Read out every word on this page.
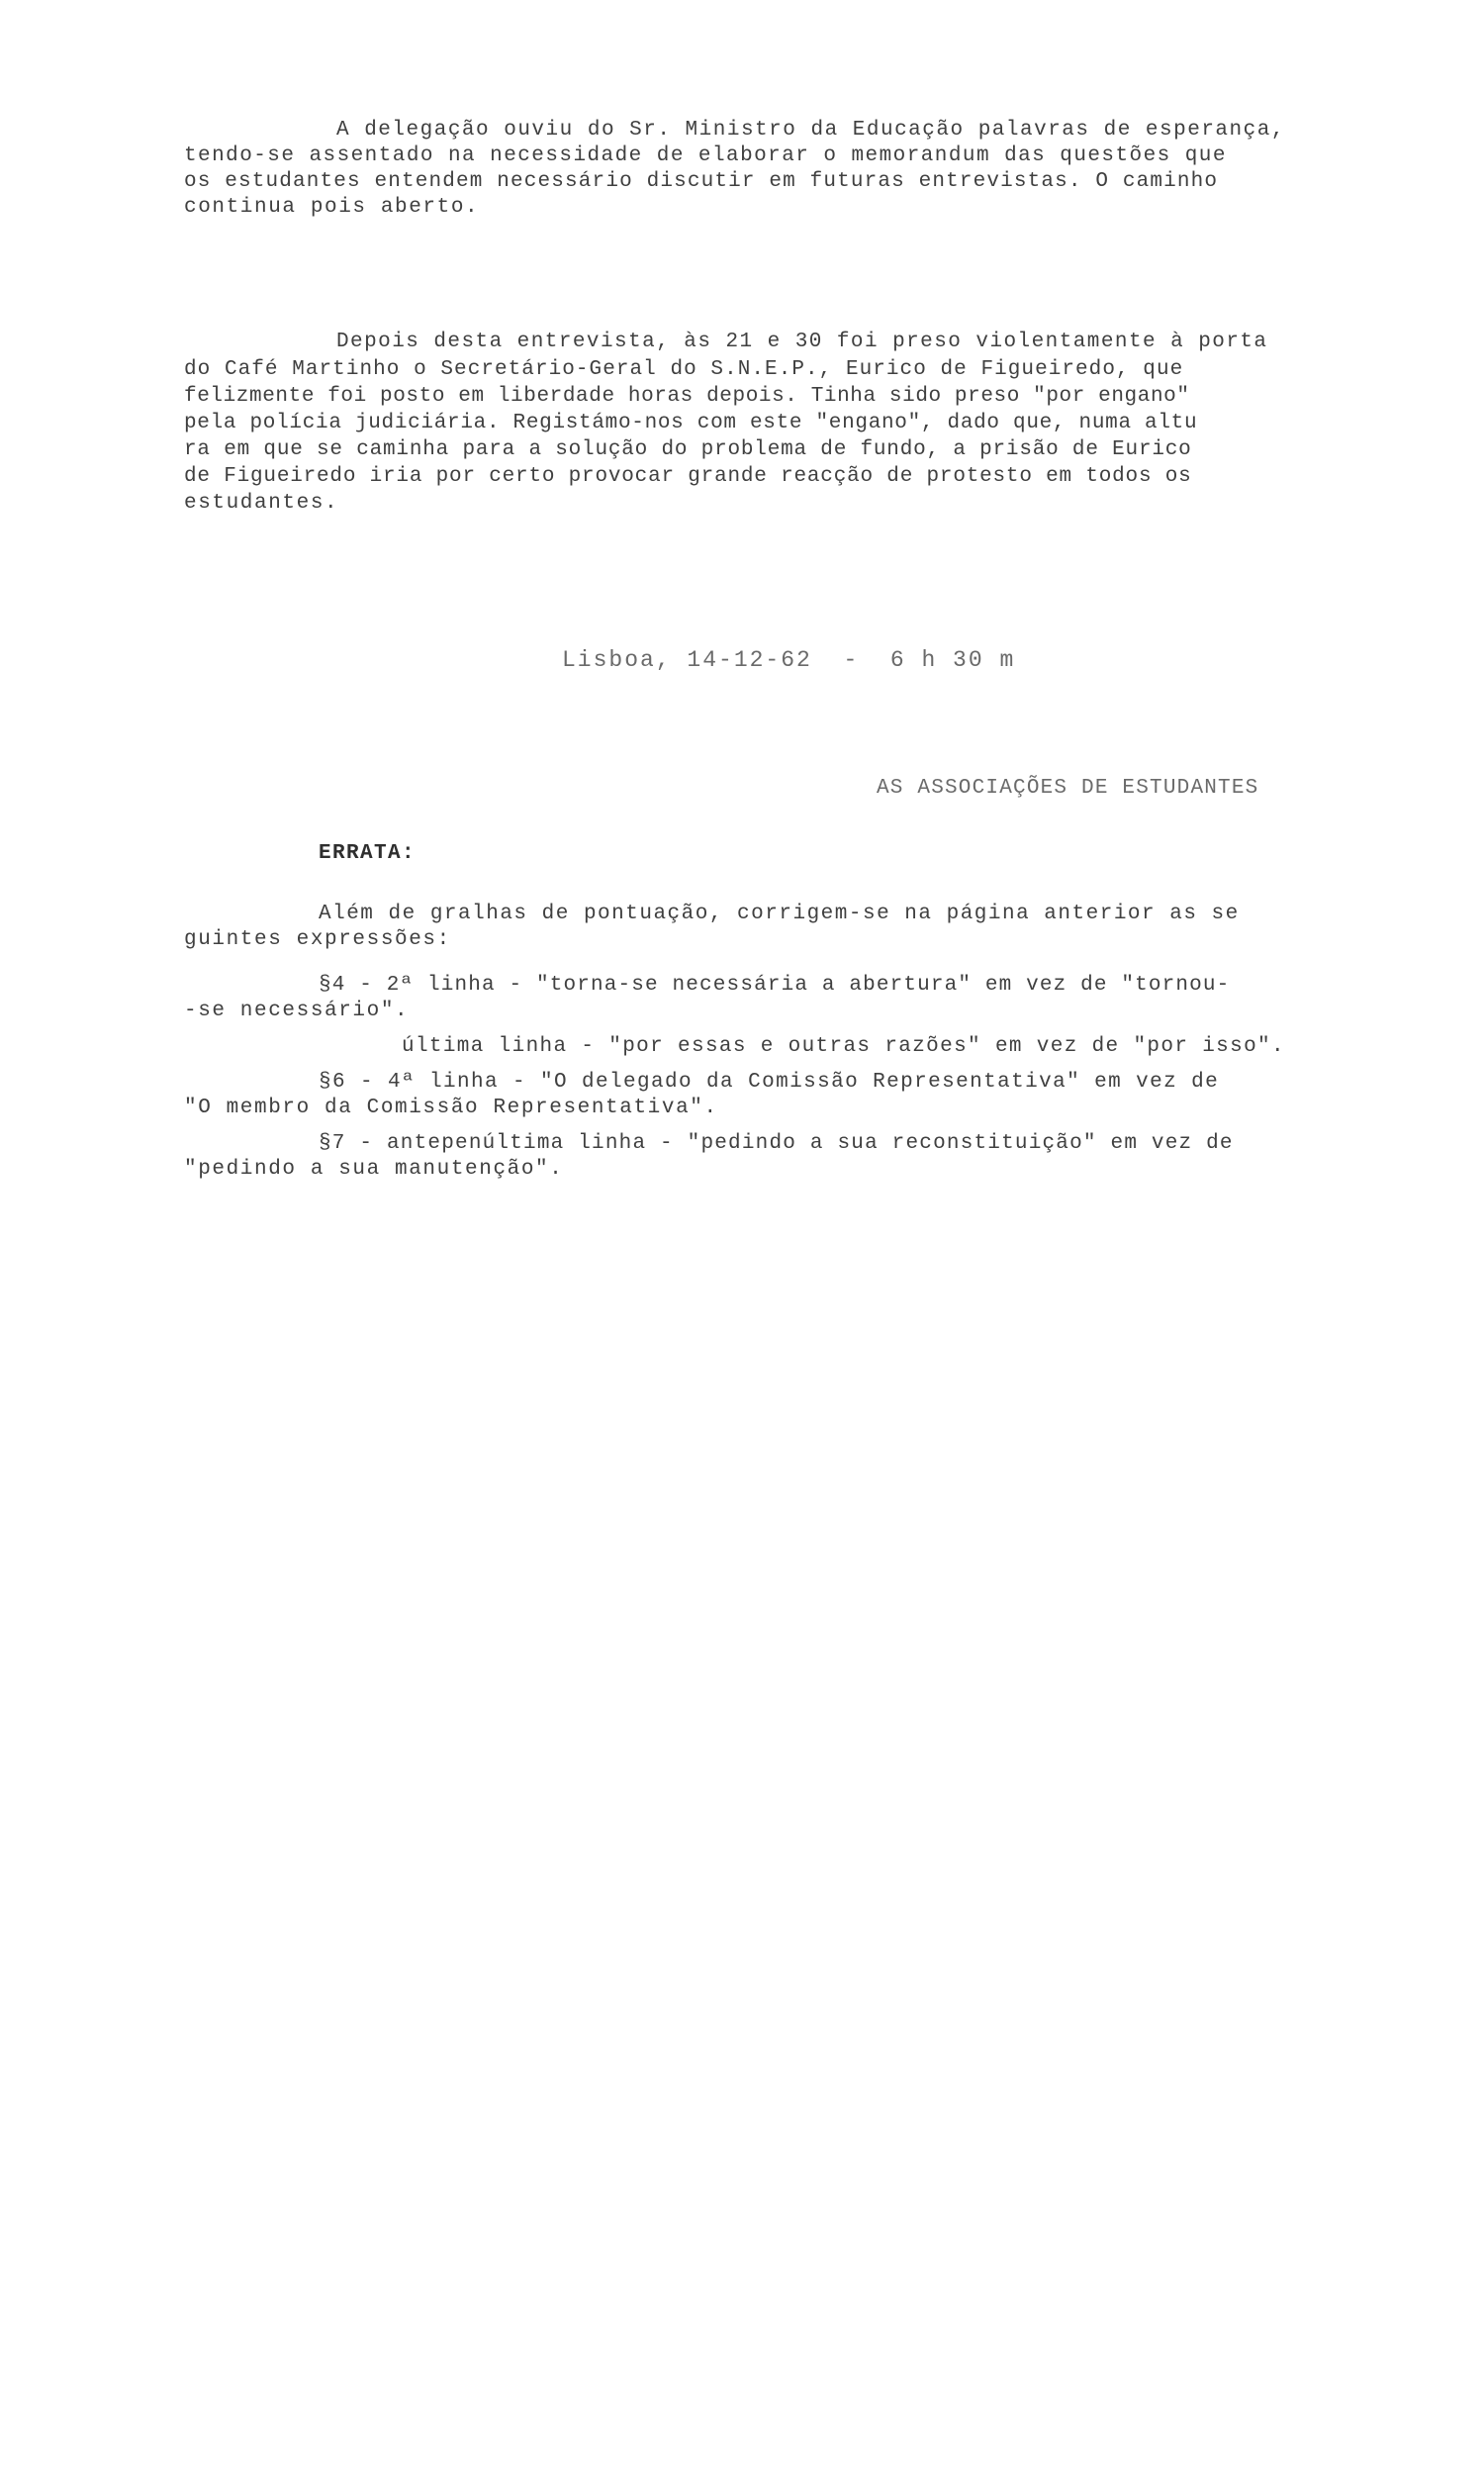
A delegação ouviu do Sr. Ministro da Educação palavras de esperança,
tendo-se assentado na necessidade de elaborar o memorandum das questões que
os estudantes entendem necessário discutir em futuras entrevistas. O caminho
continua pois aberto.
Depois desta entrevista, às 21 e 30 foi preso violentamente à porta
do Café Martinho o Secretário-Geral do S.N.E.P., Eurico de Figueiredo, que
felizmente foi posto em liberdade horas depois. Tinha sido preso "por engano"
pela polícia judiciária. Registámo-nos com este "engano", dado que, numa altu
ra em que se caminha para a solução do problema de fundo, a prisão de Eurico
de Figueiredo iria por certo provocar grande reacção de protesto em todos os
estudantes.
Lisboa, 14-12-62  -  6 h 30 m
AS ASSOCIAÇÕES DE ESTUDANTES
ERRATA:
Além de gralhas de pontuação, corrigem-se na página anterior as se
guintes expressões:
§4 - 2ª linha - "torna-se necessária a abertura" em vez de "tornou-
-se necessário".
última linha - "por essas e outras razões" em vez de "por isso".
§6 - 4ª linha - "O delegado da Comissão Representativa" em vez de
"O membro da Comissão Representativa".
§7 - antepenúltima linha - "pedindo a sua reconstituição" em vez de
"pedindo a sua manutenção".
